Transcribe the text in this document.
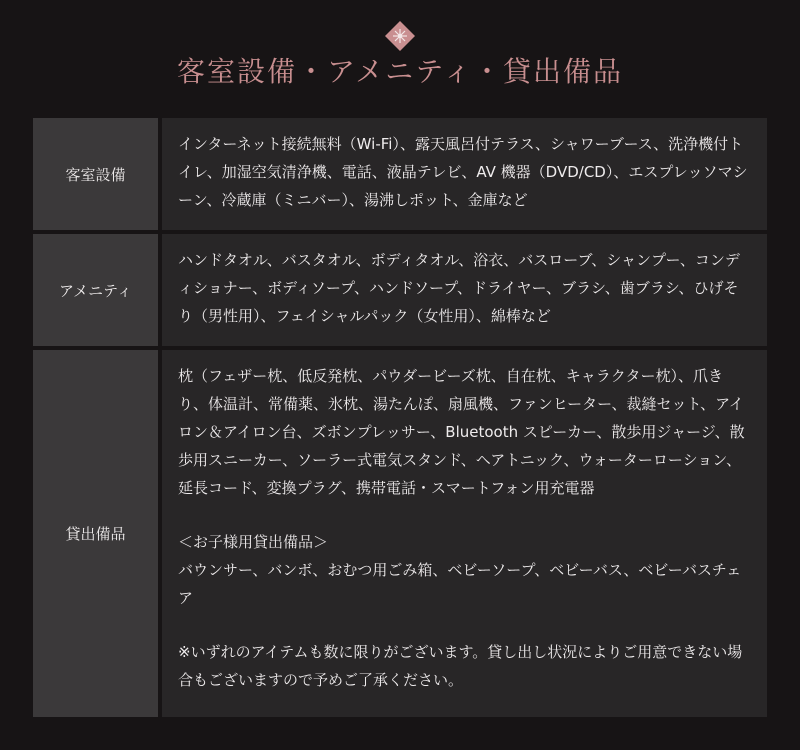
客室設備・アメニティ・貸出備品
客室設備

インターネット接続無料（Wi-Fi）、露天風呂付テラス、シャワーブース、洗浄機付トイレ、加湿空気清浄機、電話、液晶テレビ、AV 機器（DVD/CD）、エスプレッソマシーン、冷蔵庫（ミニバー）、湯沸しポット、金庫など

アメニティ

ハンドタオル、バスタオル、ボディタオル、浴衣、バスローブ、シャンプー、コンディショナー、ボディソープ、ハンドソープ、ドライヤー、ブラシ、歯ブラシ、ひげそり（男性用）、フェイシャルパック（女性用）、綿棒など

貸出備品

枕（フェザー枕、低反発枕、パウダービーズ枕、自在枕、キャラクター枕）、爪きり、体温計、常備薬、氷枕、湯たんぽ、扇風機、ファンヒーター、裁縫セット、アイロン＆アイロン台、ズボンプレッサー、Bluetooth スピーカー、散歩用ジャージ、散歩用スニーカー、ソーラー式電気スタンド、ヘアトニック、ウォーターローション、延長コード、変換プラグ、携帯電話・スマートフォン用充電器

＜お子様用貸出備品＞

バウンサー、バンボ、おむつ用ごみ箱、ベビーソープ、ベビーバス、ベビーバスチェア

※いずれのアイテムも数に限りがございます。貸し出し状況によりご用意できない場合もございますので予めご了承ください。
